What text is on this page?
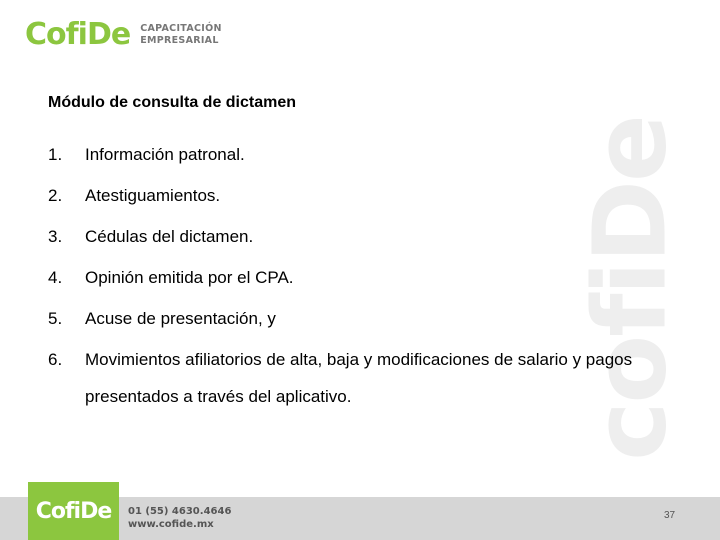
CofiDe CAPACITACIÓN
EMPRESARIAL
cofiDe
Módulo de consulta de dictamen
1.	Información patronal.
2.	Atestiguamientos.
3.	Cédulas del dictamen.
4.	Opinión emitida por el CPA.
5.	Acuse de presentación, y
6.	Movimientos afiliatorios de alta, baja y modificaciones de salario y pagos presentados a través del aplicativo.
CofiDe 01 (55) 4630.4646
www.cofide.mx
37
